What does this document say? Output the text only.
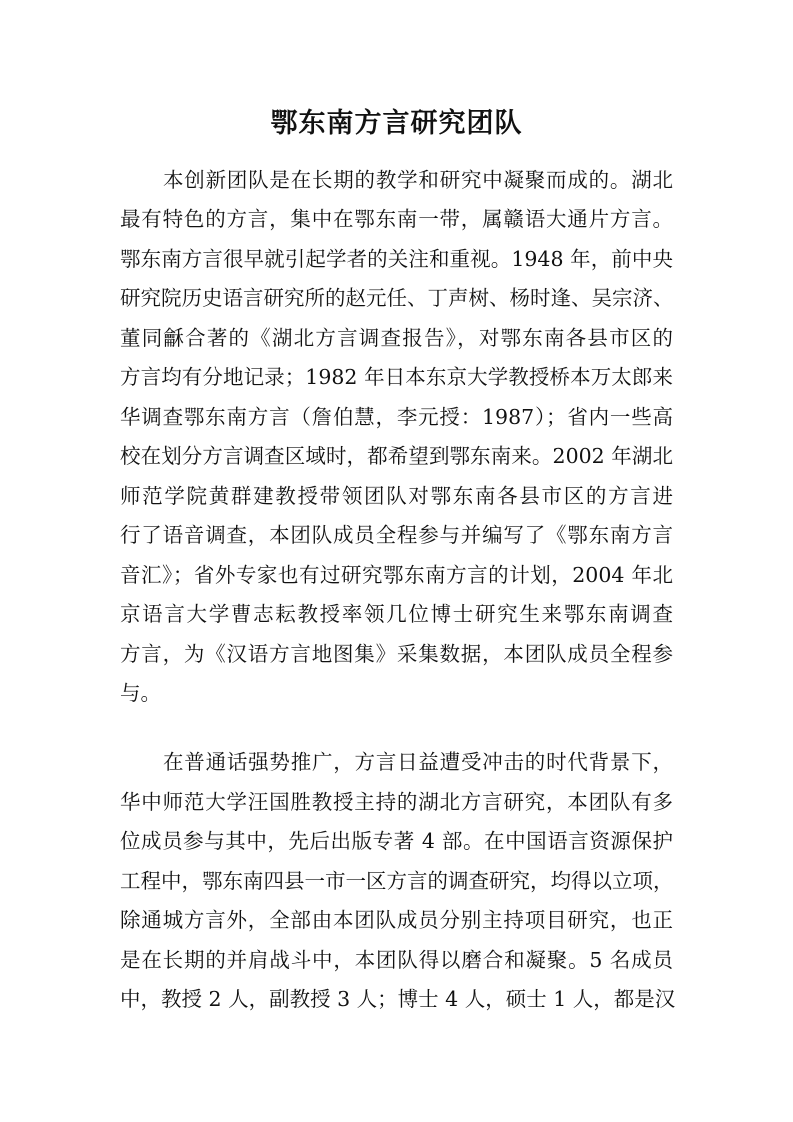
鄂东南方言研究团队

本创新团队是在长期的教学和研究中凝聚而成的。湖北

最有特色的方言，集中在鄂东南一带，属赣语大通片方言。

鄂东南方言很早就引起学者的关注和重视。1948 年，前中央

研究院历史语言研究所的赵元任、丁声树、杨时逢、吴宗济、

董同龢合著的《湖北方言调查报告》，对鄂东南各县市区的

方言均有分地记录；1982 年日本东京大学教授桥本万太郎来

华调查鄂东南方言（詹伯慧，李元授：1987）；省内一些高

校在划分方言调查区域时，都希望到鄂东南来。2002 年湖北

师范学院黄群建教授带领团队对鄂东南各县市区的方言进

行了语音调查，本团队成员全程参与并编写了《鄂东南方言

音汇》；省外专家也有过研究鄂东南方言的计划，2004 年北

京语言大学曹志耘教授率领几位博士研究生来鄂东南调查

方言，为《汉语方言地图集》采集数据，本团队成员全程参

与。

在普通话强势推广，方言日益遭受冲击的时代背景下，

华中师范大学汪国胜教授主持的湖北方言研究，本团队有多

位成员参与其中，先后出版专著 4 部。在中国语言资源保护

工程中，鄂东南四县一市一区方言的调查研究，均得以立项，

除通城方言外，全部由本团队成员分别主持项目研究，也正

是在长期的并肩战斗中，本团队得以磨合和凝聚。5 名成员

中，教授 2 人，副教授 3 人；博士 4 人，硕士 1 人，都是汉
